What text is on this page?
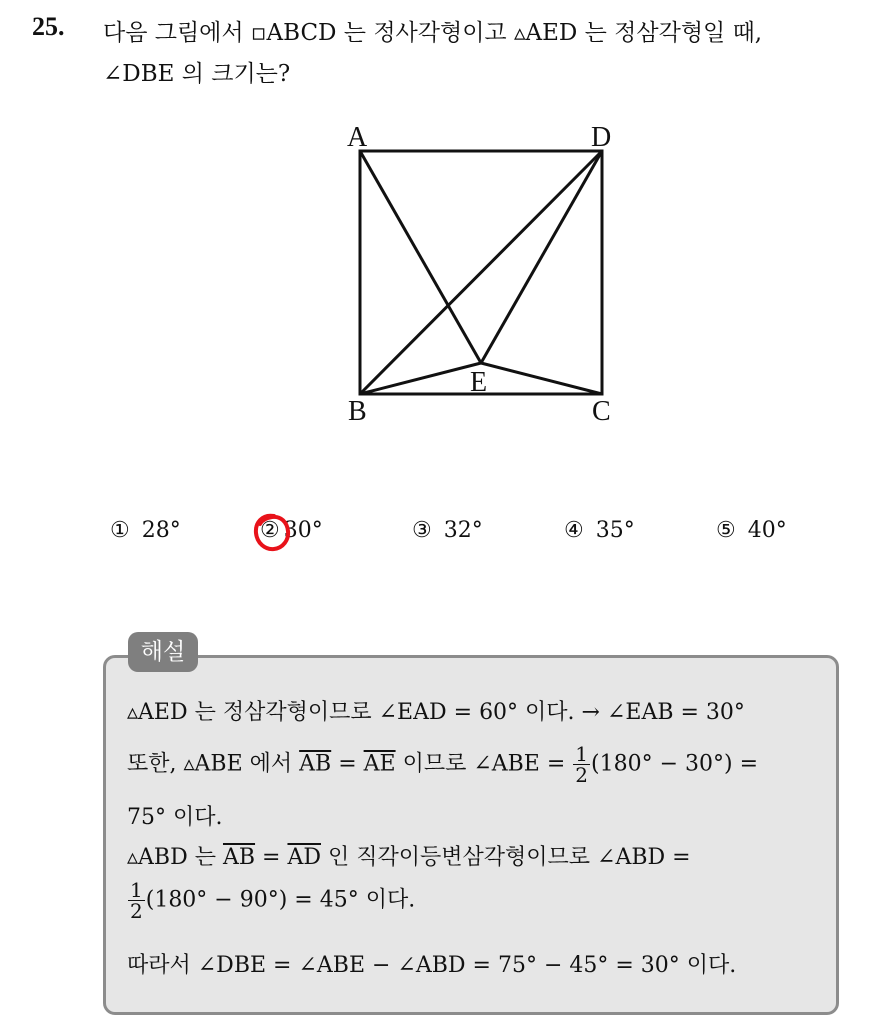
25. 다음 그림에서 ▫ABCD 는 정사각형이고 ▵AED 는 정삼각형일 때,
∠DBE 의 크기는?
A	D
B	C
E
① 28°	② 30°	③ 32°	④ 35°	⑤ 40°
해설
▵AED 는 정삼각형이므로 ∠EAD = 60° 이다. → ∠EAB = 30°
또한, ▵ABE 에서 $\overline{AB} = \overline{AE}$ 이므로 ∠ABE = $\frac{1}{2} (180^\circ - 30^\circ)$ =
75° 이다.
▵ABD 는 $\overline{AB} = \overline{AD}$ 인 직각이등변삼각형이므로 ∠ABD =
$\frac{1}{2} (180^\circ - 90^\circ) = 45^\circ$ 이다.
따라서 ∠DBE = ∠ABE − ∠ABD = 75° − 45° = 30° 이다.
